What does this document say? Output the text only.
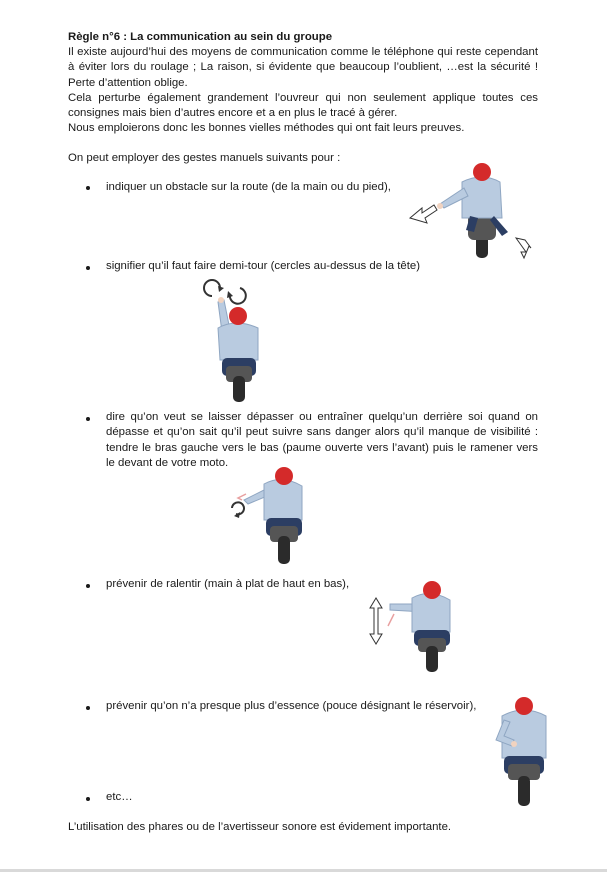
Règle n°6 : La communication au sein du groupe
Il existe aujourd’hui des moyens de communication comme le téléphone qui reste cependant à éviter lors du roulage ; La raison, si évidente que beaucoup l’oublient, …est la sécurité ! Perte d’attention oblige.
Cela perturbe également grandement l’ouvreur qui non seulement applique toutes ces consignes mais bien d’autres encore et a en plus le tracé à gérer.
Nous emploierons donc les bonnes vielles méthodes qui ont fait leurs preuves.
On peut employer des gestes manuels suivants pour :
indiquer un obstacle sur la route (de la main ou du pied),
signifier qu’il faut faire demi-tour (cercles au-dessus de la tête)
dire qu’on veut se laisser dépasser ou entraîner quelqu’un derrière soi quand on dépasse et qu’on sait qu’il peut suivre sans danger alors qu’il manque de visibilité : tendre le bras gauche vers le bas (paume ouverte vers l’avant) puis le ramener vers le devant de votre moto.
prévenir de ralentir (main à plat de haut en bas),
prévenir qu’on n’a presque plus d’essence (pouce désignant le réservoir),
etc…
L’utilisation des phares ou de l’avertisseur sonore est évidement importante.
